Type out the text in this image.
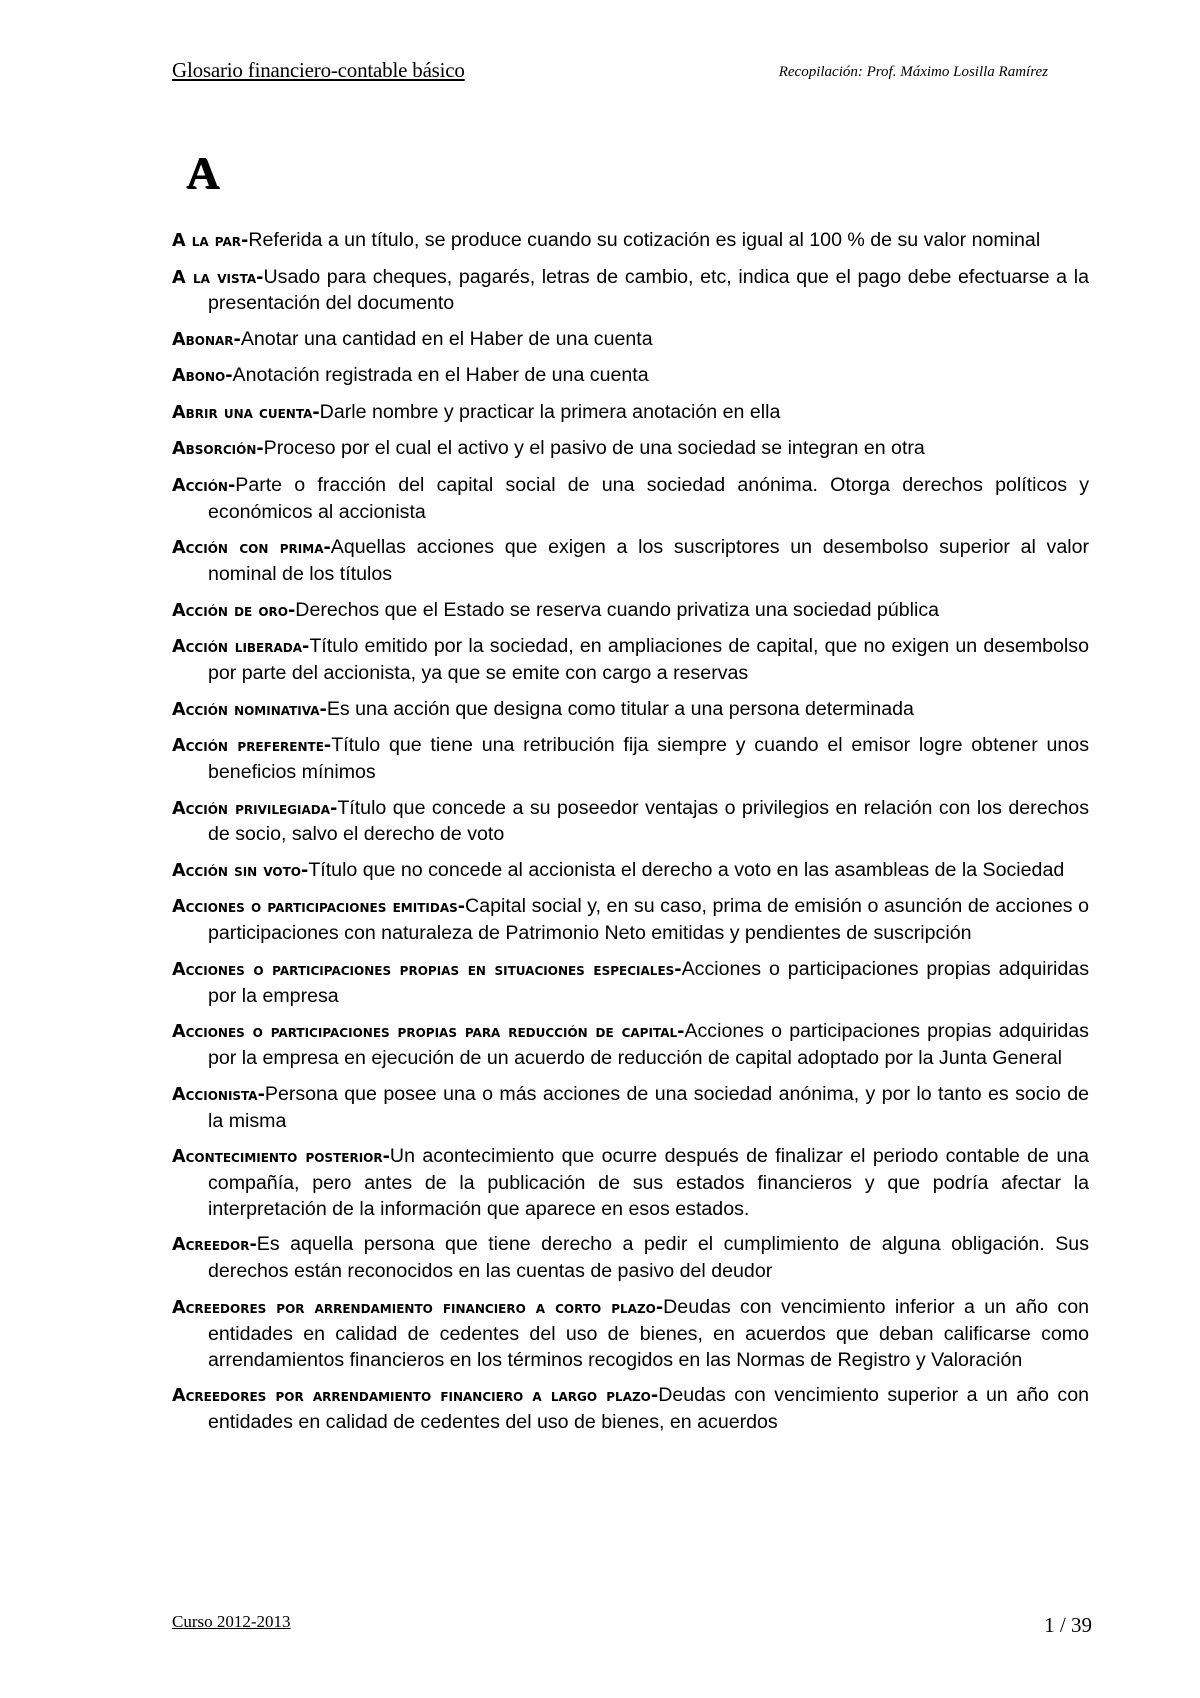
Glosario financiero-contable básico	Recopilación: Prof. Máximo Losilla Ramírez
A

A la par-Referida a un título, se produce cuando su cotización es igual al 100 % de su valor nominal

A la vista-Usado para cheques, pagarés, letras de cambio, etc, indica que el pago debe efectuarse a la presentación del documento

Abonar-Anotar una cantidad en el Haber de una cuenta

Abono-Anotación registrada en el Haber de una cuenta

Abrir una cuenta-Darle nombre y practicar la primera anotación en ella

Absorción-Proceso por el cual el activo y el pasivo de una sociedad se integran en otra

Acción-Parte o fracción del capital social de una sociedad anónima. Otorga derechos políticos y económicos al accionista

Acción con prima-Aquellas acciones que exigen a los suscriptores un desembolso superior al valor nominal de los títulos

Acción de oro-Derechos que el Estado se reserva cuando privatiza una sociedad pública

Acción liberada-Título emitido por la sociedad, en ampliaciones de capital, que no exigen un desembolso por parte del accionista, ya que se emite con cargo a reservas

Acción nominativa-Es una acción que designa como titular a una persona determinada

Acción preferente-Título que tiene una retribución fija siempre y cuando el emisor logre obtener unos beneficios mínimos

Acción privilegiada-Título que concede a su poseedor ventajas o privilegios en relación con los derechos de socio, salvo el derecho de voto

Acción sin voto-Título que no concede al accionista el derecho a voto en las asambleas de la Sociedad

Acciones o participaciones emitidas-Capital social y, en su caso, prima de emisión o asunción de acciones o participaciones con naturaleza de Patrimonio Neto emitidas y pendientes de suscripción

Acciones o participaciones propias en situaciones especiales-Acciones o participaciones propias adquiridas por la empresa

Acciones o participaciones propias para reducción de capital-Acciones o participaciones propias adquiridas por la empresa en ejecución de un acuerdo de reducción de capital adoptado por la Junta General

Accionista-Persona que posee una o más acciones de una sociedad anónima, y por lo tanto es socio de la misma

Acontecimiento posterior-Un acontecimiento que ocurre después de finalizar el periodo contable de una compañía, pero antes de la publicación de sus estados financieros y que podría afectar la interpretación de la información que aparece en esos estados.

Acreedor-Es aquella persona que tiene derecho a pedir el cumplimiento de alguna obligación. Sus derechos están reconocidos en las cuentas de pasivo del deudor

Acreedores por arrendamiento financiero a corto plazo-Deudas con vencimiento inferior a un año con entidades en calidad de cedentes del uso de bienes, en acuerdos que deban calificarse como arrendamientos financieros en los términos recogidos en las Normas de Registro y Valoración

Acreedores por arrendamiento financiero a largo plazo-Deudas con vencimiento superior a un año con entidades en calidad de cedentes del uso de bienes, en acuerdos

Curso 2012-2013	1 / 39
